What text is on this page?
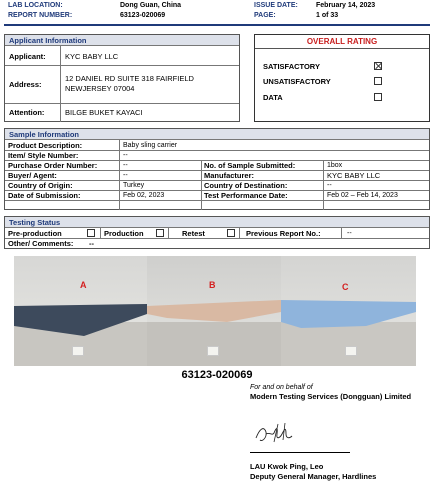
LAB LOCATION:	Dong Guan, China
REPORT NUMBER:	63123-020069
ISSUE DATE:	February 14, 2023
PAGE:	1 of 33
Applicant Information
Applicant:	KYC BABY LLC
Address:
12 DANIEL RD SUITE 318 FAIRFIELD
NEWJERSEY 07004
Attention:	BILGE BUKET KAYACI
OVERALL RATING
SATISFACTORY
UNSATISFACTORY
DATA
Sample Information
Product Description:	Baby sling carrier
Item/ Style Number:	--
Purchase Order Number:	--	No. of Sample Submitted:	1box
Buyer/ Agent:	--	Manufacturer:	KYC BABY LLC
Country of Origin:	Turkey	Country of Destination:	--
Date of Submission:	Feb 02, 2023	Test Performance Date:	Feb 02 – Feb 14, 2023
Testing Status
Pre-production	Production	Retest	Previous Report No.:	--
Other/ Comments: --
A	B	C
63123-020069
For and on behalf of
Modern Testing Services (Dongguan) Limited
LAU Kwok Ping, Leo
Deputy General Manager, Hardlines
